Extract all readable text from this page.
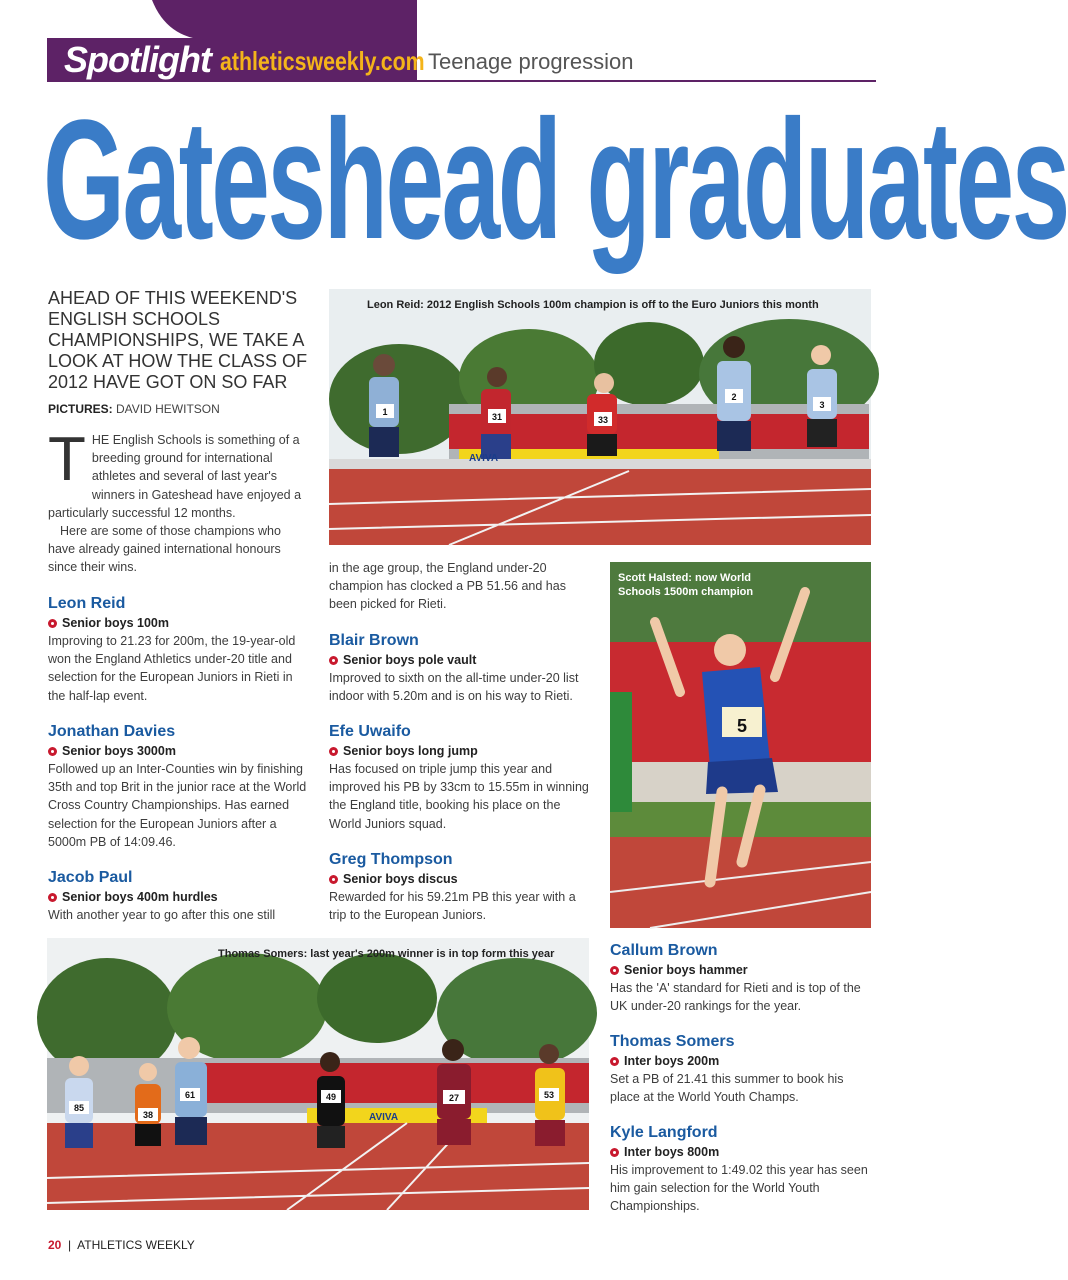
Spotlight athleticsweekly.com Teenage progression
Gateshead graduates
AHEAD OF THIS WEEKEND'S ENGLISH SCHOOLS CHAMPIONSHIPS, WE TAKE A LOOK AT HOW THE CLASS OF 2012 HAVE GOT ON SO FAR
PICTURES: DAVID HEWITSON

THE English Schools is something of a breeding ground for international athletes and several of last year's winners in Gateshead have enjoyed a particularly successful 12 months.

Here are some of those champions who have already gained international honours since their wins.

Leon Reid
Senior boys 100m
Improving to 21.23 for 200m, the 19-year-old won the England Athletics under-20 title and selection for the European Juniors in Rieti in the half-lap event.
Jonathan Davies
Senior boys 3000m
Followed up an Inter-Counties win by finishing 35th and top Brit in the junior race at the World Cross Country Championships. Has earned selection for the European Juniors after a 5000m PB of 14:09.46.
Jacob Paul
Senior boys 400m hurdles
With another year to go after this one still
in the age group, the England under-20 champion has clocked a PB 51.56 and has been picked for Rieti.
Blair Brown
Senior boys pole vault
Improved to sixth on the all-time under-20 list indoor with 5.20m and is on his way to Rieti.
Efe Uwaifo
Senior boys long jump
Has focused on triple jump this year and improved his PB by 33cm to 15.55m in winning the England title, booking his place on the World Juniors squad.
Greg Thompson
Senior boys discus
Rewarded for his 59.21m PB this year with a trip to the European Juniors.
Callum Brown
Senior boys hammer
Has the 'A' standard for Rieti and is top of the UK under-20 rankings for the year.
Thomas Somers
Inter boys 200m
Set a PB of 21.41 this summer to book his place at the World Youth Champs.
Kyle Langford
Inter boys 800m
His improvement to 1:49.02 this year has seen him gain selection for the World Youth Championships.
1	31	33
2
3
AVIVA
Leon Reid: 2012 English Schools 100m champion is off to the Euro Juniors this month
5
Scott Halsted: now World
Schools 1500m champion
85
38
61	49	27	53
AVIVA
Thomas Somers: last year's 200m winner is in top form this year
20  |  ATHLETICS WEEKLY
